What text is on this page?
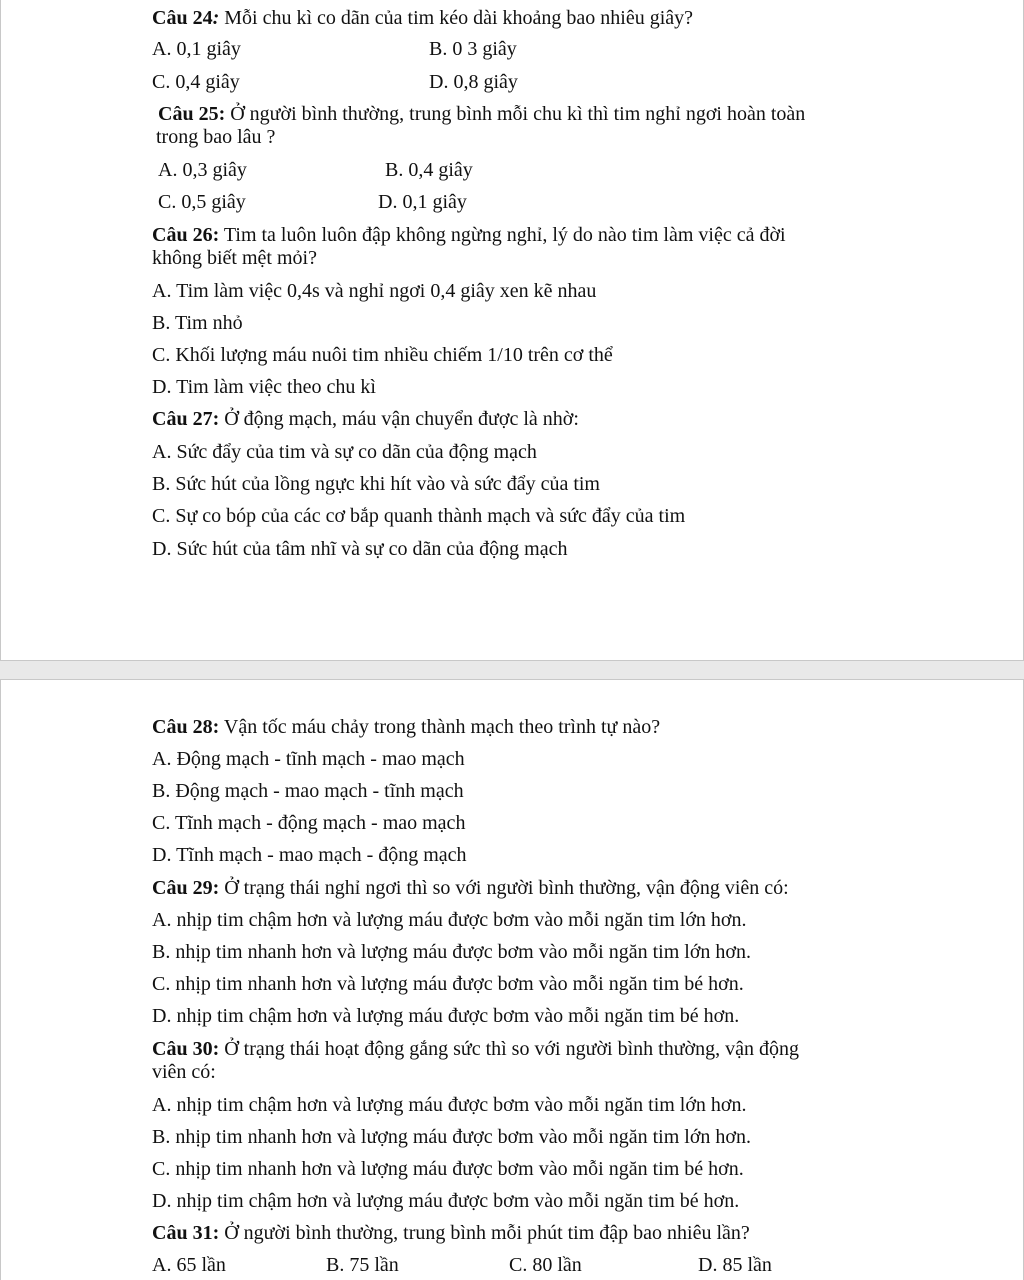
Câu 24: Mỗi chu kì co dãn của tim kéo dài khoảng bao nhiêu giây?
A. 0,1 giây	B. 0 3 giây
C. 0,4 giây	D. 0,8 giây
Câu 25: Ở người bình thường, trung bình mỗi chu kì thì tim nghỉ ngơi hoàn toàn
trong bao lâu ?
A. 0,3 giây	B. 0,4 giây
C. 0,5 giây	D. 0,1 giây
Câu 26: Tim ta luôn luôn đập không ngừng nghỉ, lý do nào tim làm việc cả đời
không biết mệt mỏi?
A. Tim làm việc 0,4s và nghỉ ngơi 0,4 giây xen kẽ nhau
B. Tim nhỏ
C. Khối lượng máu nuôi tim nhiều chiếm 1/10 trên cơ thể
D. Tim làm việc theo chu kì
Câu 27: Ở động mạch, máu vận chuyển được là nhờ:
A. Sức đẩy của tim và sự co dãn của động mạch
B. Sức hút của lồng ngực khi hít vào và sức đẩy của tim
C. Sự co bóp của các cơ bắp quanh thành mạch và sức đẩy của tim
D. Sức hút của tâm nhĩ và sự co dãn của động mạch
Câu 28: Vận tốc máu chảy trong thành mạch theo trình tự nào?
A. Động mạch - tĩnh mạch - mao mạch
B. Động mạch - mao mạch - tĩnh mạch
C. Tĩnh mạch - động mạch - mao mạch
D. Tĩnh mạch - mao mạch - động mạch
Câu 29: Ở trạng thái nghỉ ngơi thì so với người bình thường, vận động viên có:
A. nhịp tim chậm hơn và lượng máu được bơm vào mỗi ngăn tim lớn hơn.
B. nhịp tim nhanh hơn và lượng máu được bơm vào mỗi ngăn tim lớn hơn.
C. nhịp tim nhanh hơn và lượng máu được bơm vào mỗi ngăn tim bé hơn.
D. nhịp tim chậm hơn và lượng máu được bơm vào mỗi ngăn tim bé hơn.
Câu 30: Ở trạng thái hoạt động gắng sức thì so với người bình thường, vận động
viên có:
A. nhịp tim chậm hơn và lượng máu được bơm vào mỗi ngăn tim lớn hơn.
B. nhịp tim nhanh hơn và lượng máu được bơm vào mỗi ngăn tim lớn hơn.
C. nhịp tim nhanh hơn và lượng máu được bơm vào mỗi ngăn tim bé hơn.
D. nhịp tim chậm hơn và lượng máu được bơm vào mỗi ngăn tim bé hơn.
Câu 31: Ở người bình thường, trung bình mỗi phút tim đập bao nhiêu lần?
A. 65 lần	B. 75 lần	C. 80 lần	D. 85 lần
